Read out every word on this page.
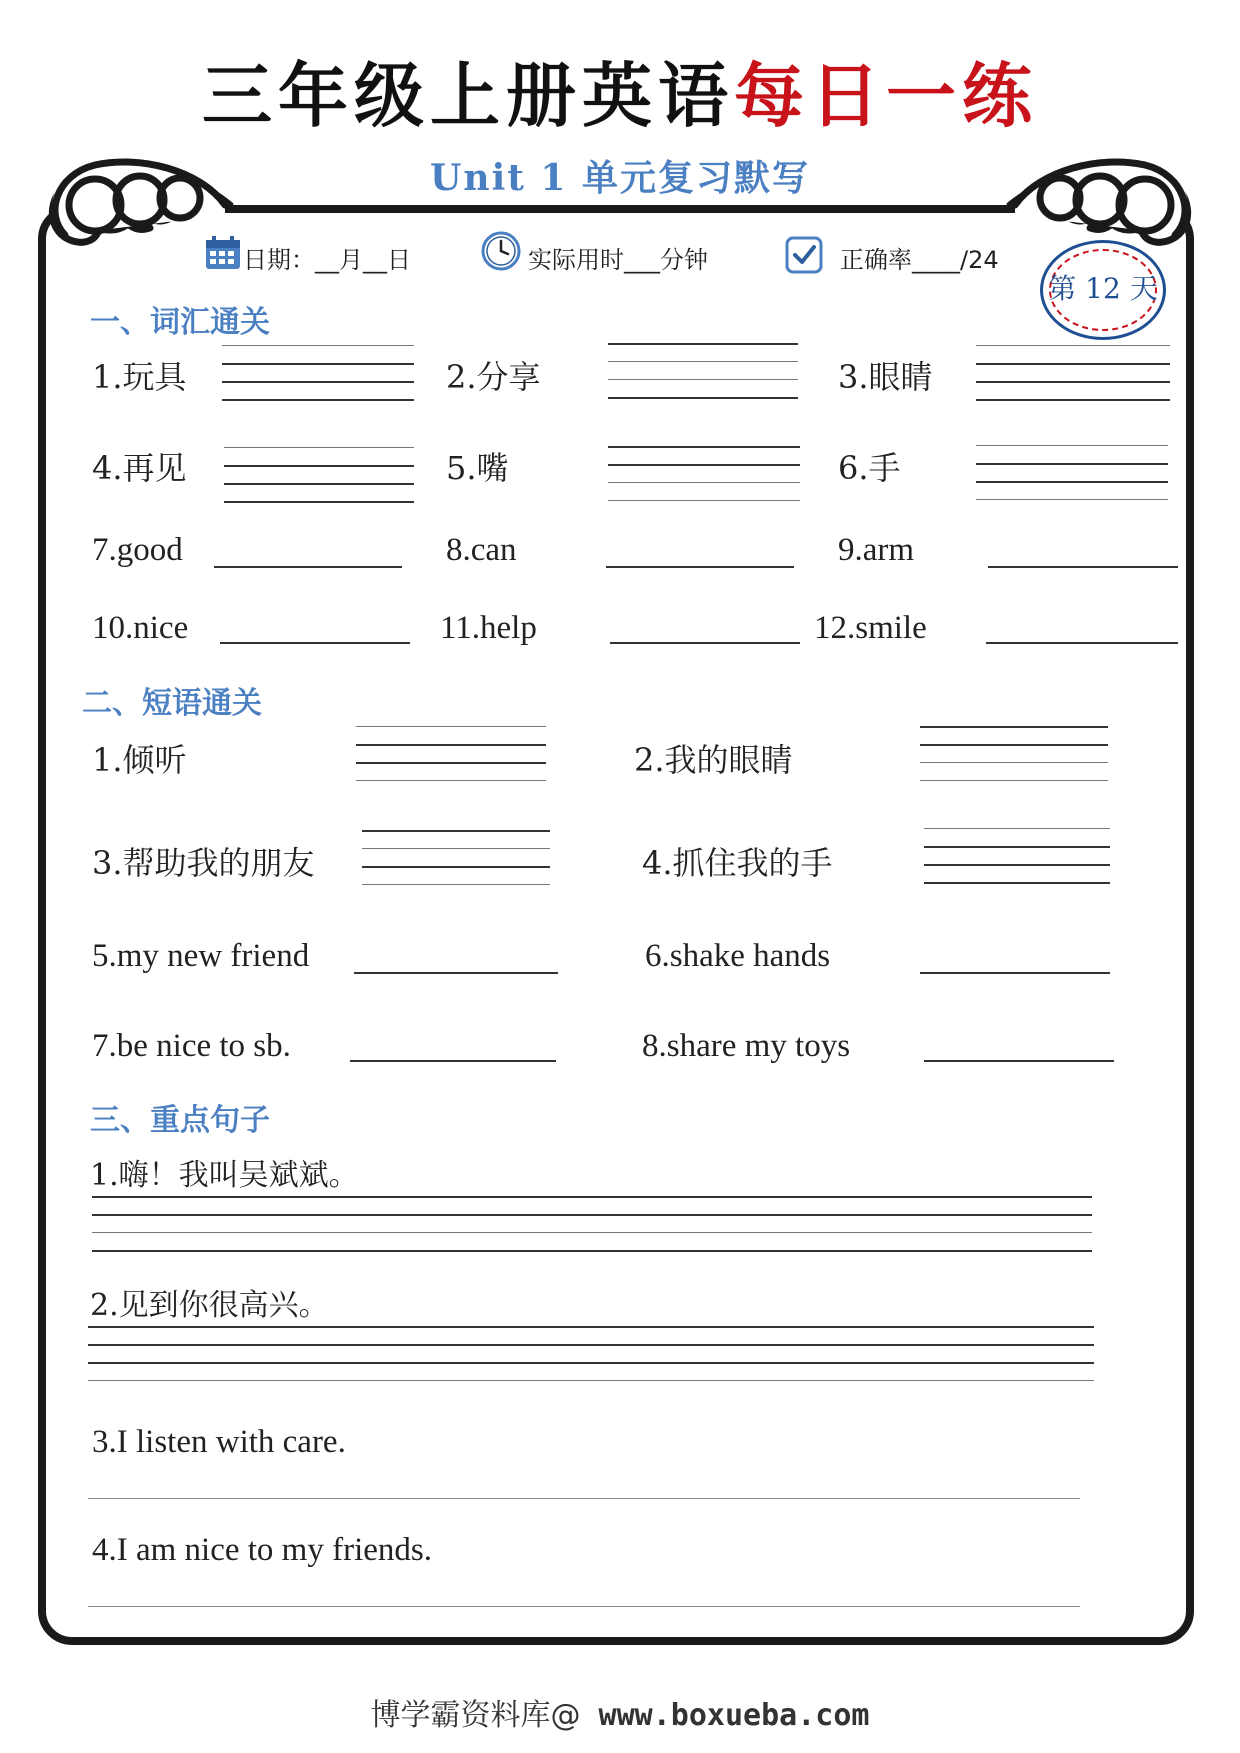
三年级上册英语每日一练
Unit 1 单元复习默写
日期：__月__日	实际用时___分钟	正确率____/24
第 12 天
一、词汇通关
1.玩具	2.分享	3.眼睛
4.再见	5.嘴	6.手
7.good	8.can	9.arm
10.nice	11.help	12.smile
二、短语通关
1.倾听	2.我的眼睛
3.帮助我的朋友	4.抓住我的手
5.my new friend	6.shake hands
7.be nice to sb.	8.share my toys
三、重点句子
1.嗨！我叫吴斌斌。
2.见到你很高兴。
3.I listen with care.
4.I am nice to my friends.
博学霸资料库@ www.boxueba.com
